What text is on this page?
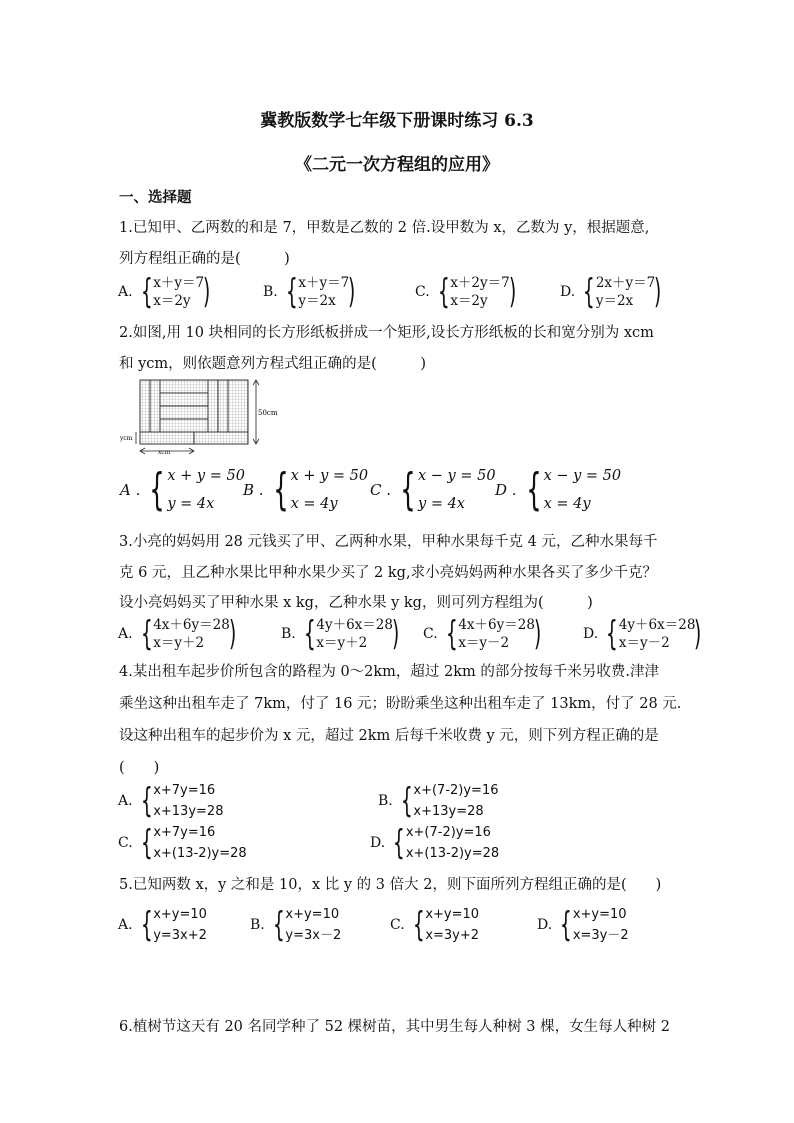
冀教版数学七年级下册课时练习 6.3
《二元一次方程组的应用》
一、选择题
1.已知甲、乙两数的和是 7，甲数是乙数的 2 倍.设甲数为 x，乙数为 y，根据题意,
列方程组正确的是(　　　)
A. { x＋y＝7
x＝2y )	B. { x＋y＝7
y＝2x )	C. { x＋2y＝7
x＝2y )	D. { 2x＋y＝7
y＝2x )
2.如图,用 10 块相同的长方形纸板拼成一个矩形,设长方形纸板的长和宽分别为 xcm
和 ycm，则依题意列方程式组正确的是(　　　)
50cm
ycm
xcm
A . { x + y = 50
y = 4x
B . { x + y = 50
x = 4y
C . { x − y = 50
y = 4x
D . { x − y = 50
x = 4y
3.小亮的妈妈用 28 元钱买了甲、乙两种水果，甲种水果每千克 4 元，乙种水果每千
克 6 元，且乙种水果比甲种水果少买了 2 kg,求小亮妈妈两种水果各买了多少千克？
设小亮妈妈买了甲种水果 x kg，乙种水果 y kg，则可列方程组为(　　　)
A. { 4x＋6y＝28
x＝y＋2 )	B. { 4y＋6x＝28
x＝y＋2 ) C. { 4x＋6y＝28
x＝y－2 )	D. { 4y＋6x＝28
x＝y－2 )
4.某出租车起步价所包含的路程为 0～2km，超过 2km 的部分按每千米另收费.津津
乘坐这种出租车走了 7km，付了 16 元；盼盼乘坐这种出租车走了 13km，付了 28 元.
设这种出租车的起步价为 x 元，超过 2km 后每千米收费 y 元，则下列方程正确的是
(　　)
A. { x+7y=16
x+13y=28
B. { x+(7-2)y=16
x+13y=28
C. { x+7y=16
x+(13-2)y=28
D. { x+(7-2)y=16
x+(13-2)y=28
5.已知两数 x，y 之和是 10，x 比 y 的 3 倍大 2，则下面所列方程组正确的是(　　)
A. { x+y=10
y=3x+2
B. { x+y=10
y=3x－2
C. { x+y=10
x=3y+2
D. { x+y=10
x=3y－2
6.植树节这天有 20 名同学种了 52 棵树苗，其中男生每人种树 3 棵，女生每人种树 2
